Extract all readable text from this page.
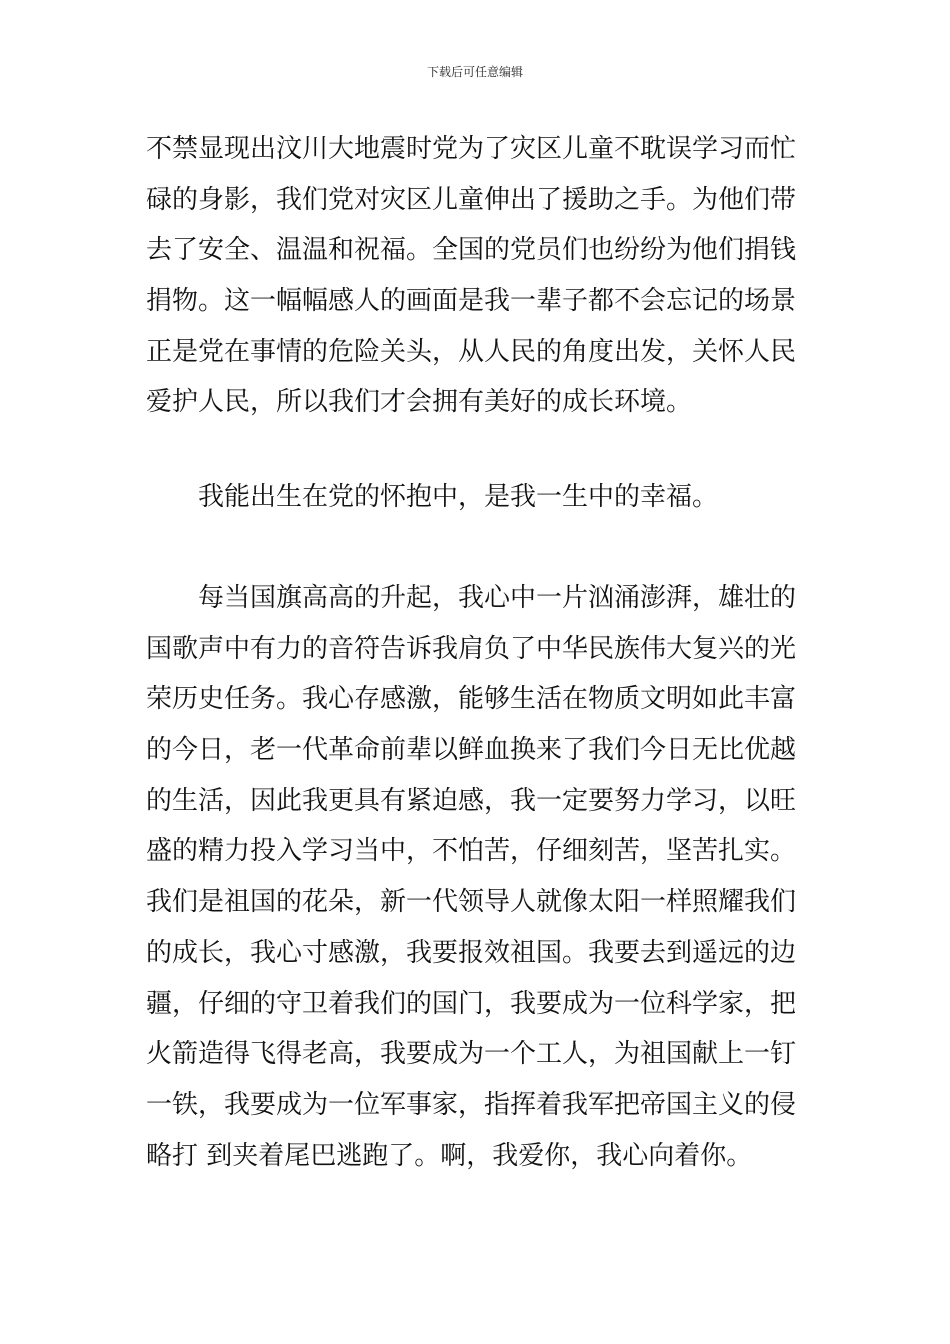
下载后可任意编辑
不禁显现出汶川大地震时党为了灾区儿童不耽误学习而忙
碌的身影，我们党对灾区儿童伸出了援助之手。为他们带
去了安全、温温和祝福。全国的党员们也纷纷为他们捐钱
捐物。这一幅幅感人的画面是我一辈子都不会忘记的场景
正是党在事情的危险关头，从人民的角度出发，关怀人民
爱护人民，所以我们才会拥有美好的成长环境。
我能出生在党的怀抱中，是我一生中的幸福。
每当国旗高高的升起，我心中一片汹涌澎湃，雄壮的
国歌声中有力的音符告诉我肩负了中华民族伟大复兴的光
荣历史任务。我心存感激，能够生活在物质文明如此丰富
的今日，老一代革命前辈以鲜血换来了我们今日无比优越
的生活，因此我更具有紧迫感，我一定要努力学习，以旺
盛的精力投入学习当中，不怕苦，仔细刻苦，坚苦扎实。
我们是祖国的花朵，新一代领导人就像太阳一样照耀我们
的成长，我心寸感激，我要报效祖国。我要去到遥远的边
疆，仔细的守卫着我们的国门，我要成为一位科学家，把
火箭造得飞得老高，我要成为一个工人，为祖国献上一钉
一铁，我要成为一位军事家，指挥着我军把帝国主义的侵
略打 到夹着尾巴逃跑了。啊，我爱你，我心向着你。
